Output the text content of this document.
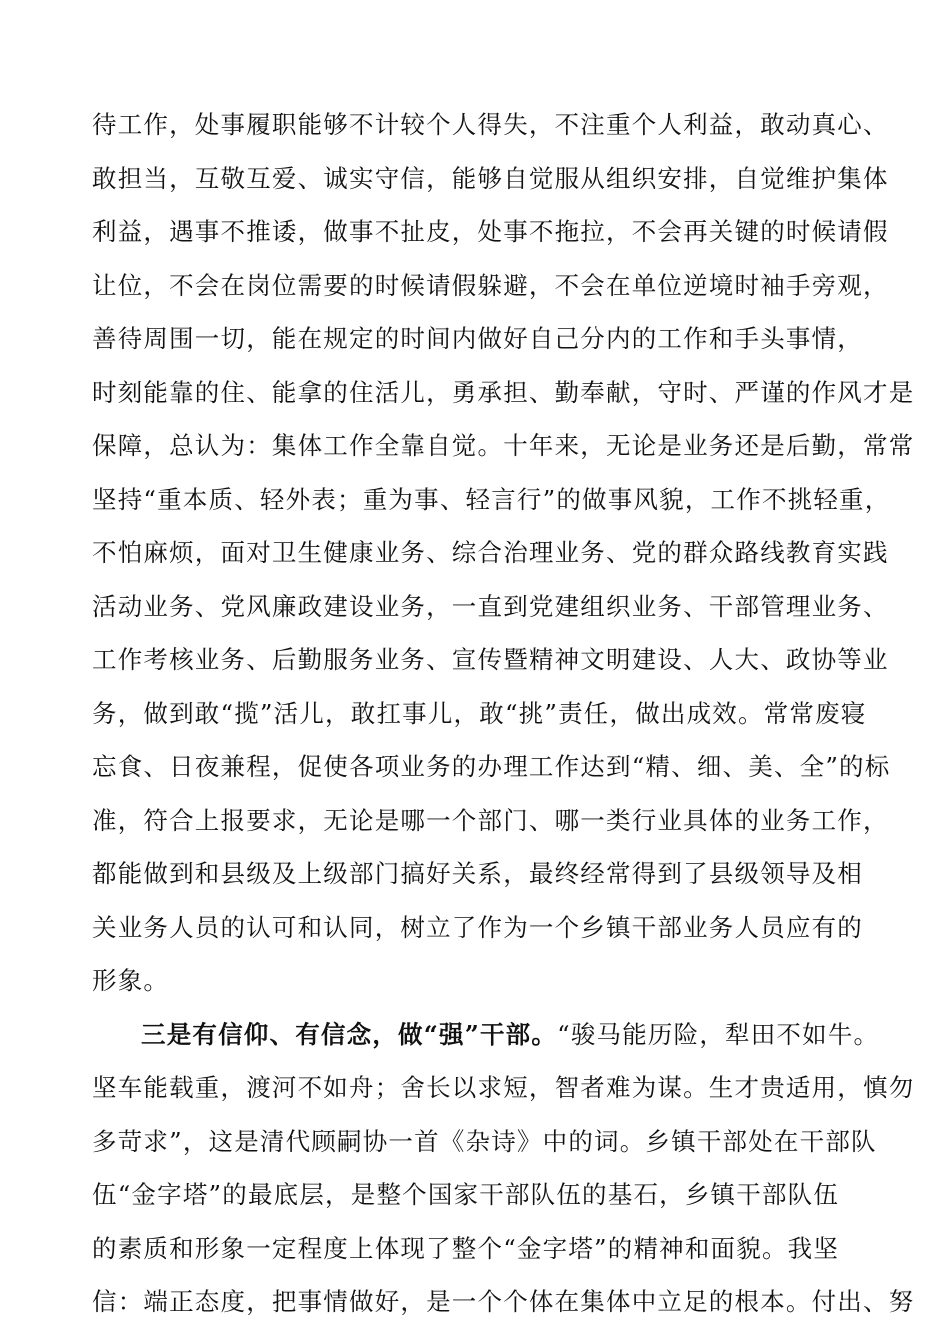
待工作，处事履职能够不计较个人得失，不注重个人利益，敢动真心、
敢担当，互敬互爱、诚实守信，能够自觉服从组织安排，自觉维护集体
利益，遇事不推诿，做事不扯皮，处事不拖拉，不会再关键的时候请假
让位，不会在岗位需要的时候请假躲避，不会在单位逆境时袖手旁观，
善待周围一切，能在规定的时间内做好自己分内的工作和手头事情，
时刻能靠的住、能拿的住活儿，勇承担、勤奉献，守时、严谨的作风才是
保障，总认为：集体工作全靠自觉。十年来，无论是业务还是后勤，常常
坚持“重本质、轻外表；重为事、轻言行”的做事风貌，工作不挑轻重，
不怕麻烦，面对卫生健康业务、综合治理业务、党的群众路线教育实践
活动业务、党风廉政建设业务，一直到党建组织业务、干部管理业务、
工作考核业务、后勤服务业务、宣传暨精神文明建设、人大、政协等业
务，做到敢“揽”活儿，敢扛事儿，敢“挑”责任，做出成效。常常废寝
忘食、日夜兼程，促使各项业务的办理工作达到“精、细、美、全”的标
准，符合上报要求，无论是哪一个部门、哪一类行业具体的业务工作，
都能做到和县级及上级部门搞好关系，最终经常得到了县级领导及相
关业务人员的认可和认同，树立了作为一个乡镇干部业务人员应有的
形象。
三是有信仰、有信念，做“强”干部。“骏马能历险，犁田不如牛。
坚车能载重，渡河不如舟；舍长以求短，智者难为谋。生才贵适用，慎勿
多苛求”，这是清代顾嗣协一首《杂诗》中的词。乡镇干部处在干部队
伍“金字塔”的最底层，是整个国家干部队伍的基石，乡镇干部队伍
的素质和形象一定程度上体现了整个“金字塔”的精神和面貌。我坚
信：端正态度，把事情做好，是一个个体在集体中立足的根本。付出、努
